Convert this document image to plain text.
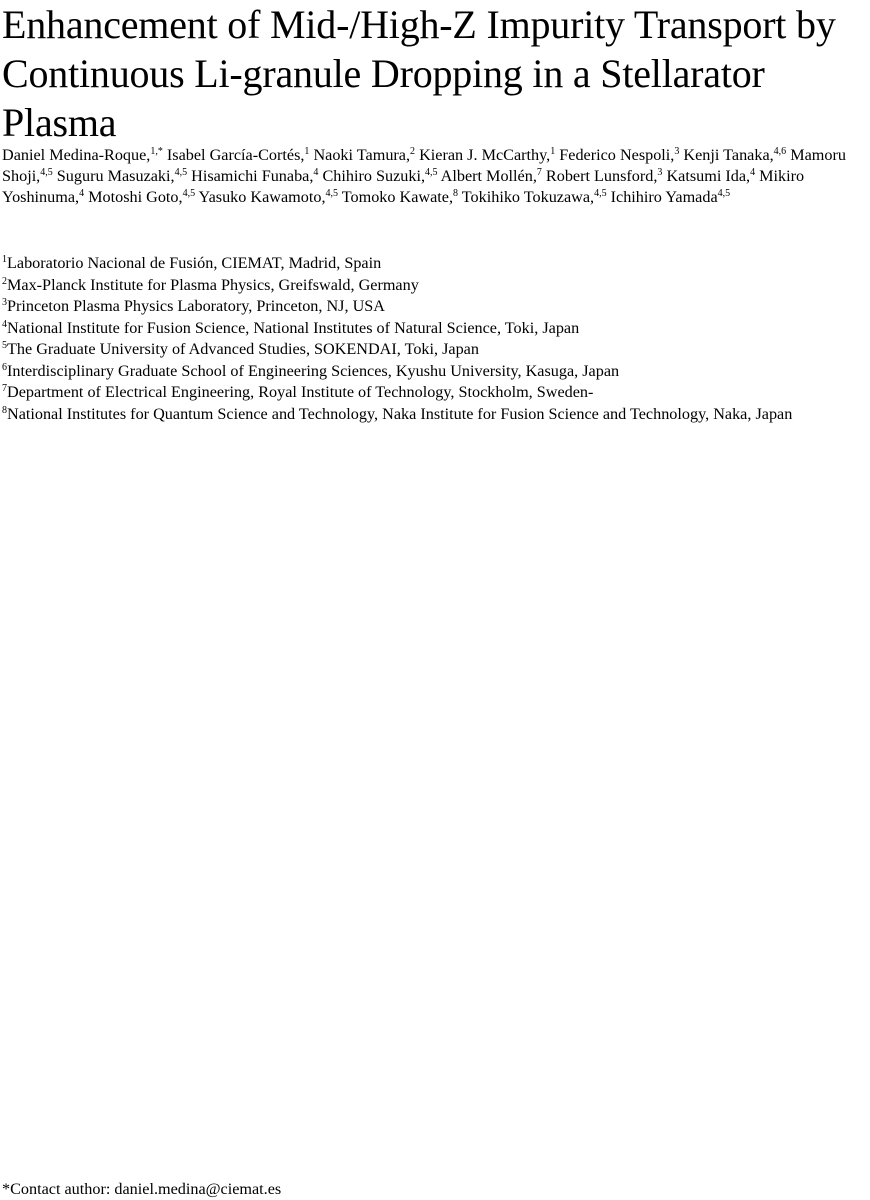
Enhancement of Mid-/High-Z Impurity Transport by Continuous Li-granule Dropping in a Stellarator Plasma

Daniel Medina-Roque,$^{1,*}$ Isabel García-Cortés,$^1$ Naoki Tamura,$^2$ Kieran J. McCarthy,$^1$ Federico Nespoli,$^3$ Kenji Tanaka,$^{4,6}$ Mamoru Shoji,$^{4,5}$ Suguru Masuzaki,$^{4,5}$ Hisamichi Funaba,$^4$ Chihiro Suzuki,$^{4,5}$ Albert Mollén,$^7$ Robert Lunsford,$^3$ Katsumi Ida,$^4$ Mikiro Yoshinuma,$^4$ Motoshi Goto,$^{4,5}$ Yasuko Kawamoto,$^{4,5}$ Tomoko Kawate,$^8$ Tokihiko Tokuzawa,$^{4,5}$ Ichihiro Yamada$^{4,5}$

$^1$Laboratorio Nacional de Fusión, CIEMAT, Madrid, Spain
$^2$Max-Planck Institute for Plasma Physics, Greifswald, Germany
$^3$Princeton Plasma Physics Laboratory, Princeton, NJ, USA
$^4$National Institute for Fusion Science, National Institutes of Natural Science, Toki, Japan
$^5$The Graduate University of Advanced Studies, SOKENDAI, Toki, Japan
$^6$Interdisciplinary Graduate School of Engineering Sciences, Kyushu University, Kasuga, Japan
$^7$Department of Electrical Engineering, Royal Institute of Technology, Stockholm, Sweden-
$^8$National Institutes for Quantum Science and Technology, Naka Institute for Fusion Science and Technology, Naka, Japan

*Contact author: daniel.medina@ciemat.es
